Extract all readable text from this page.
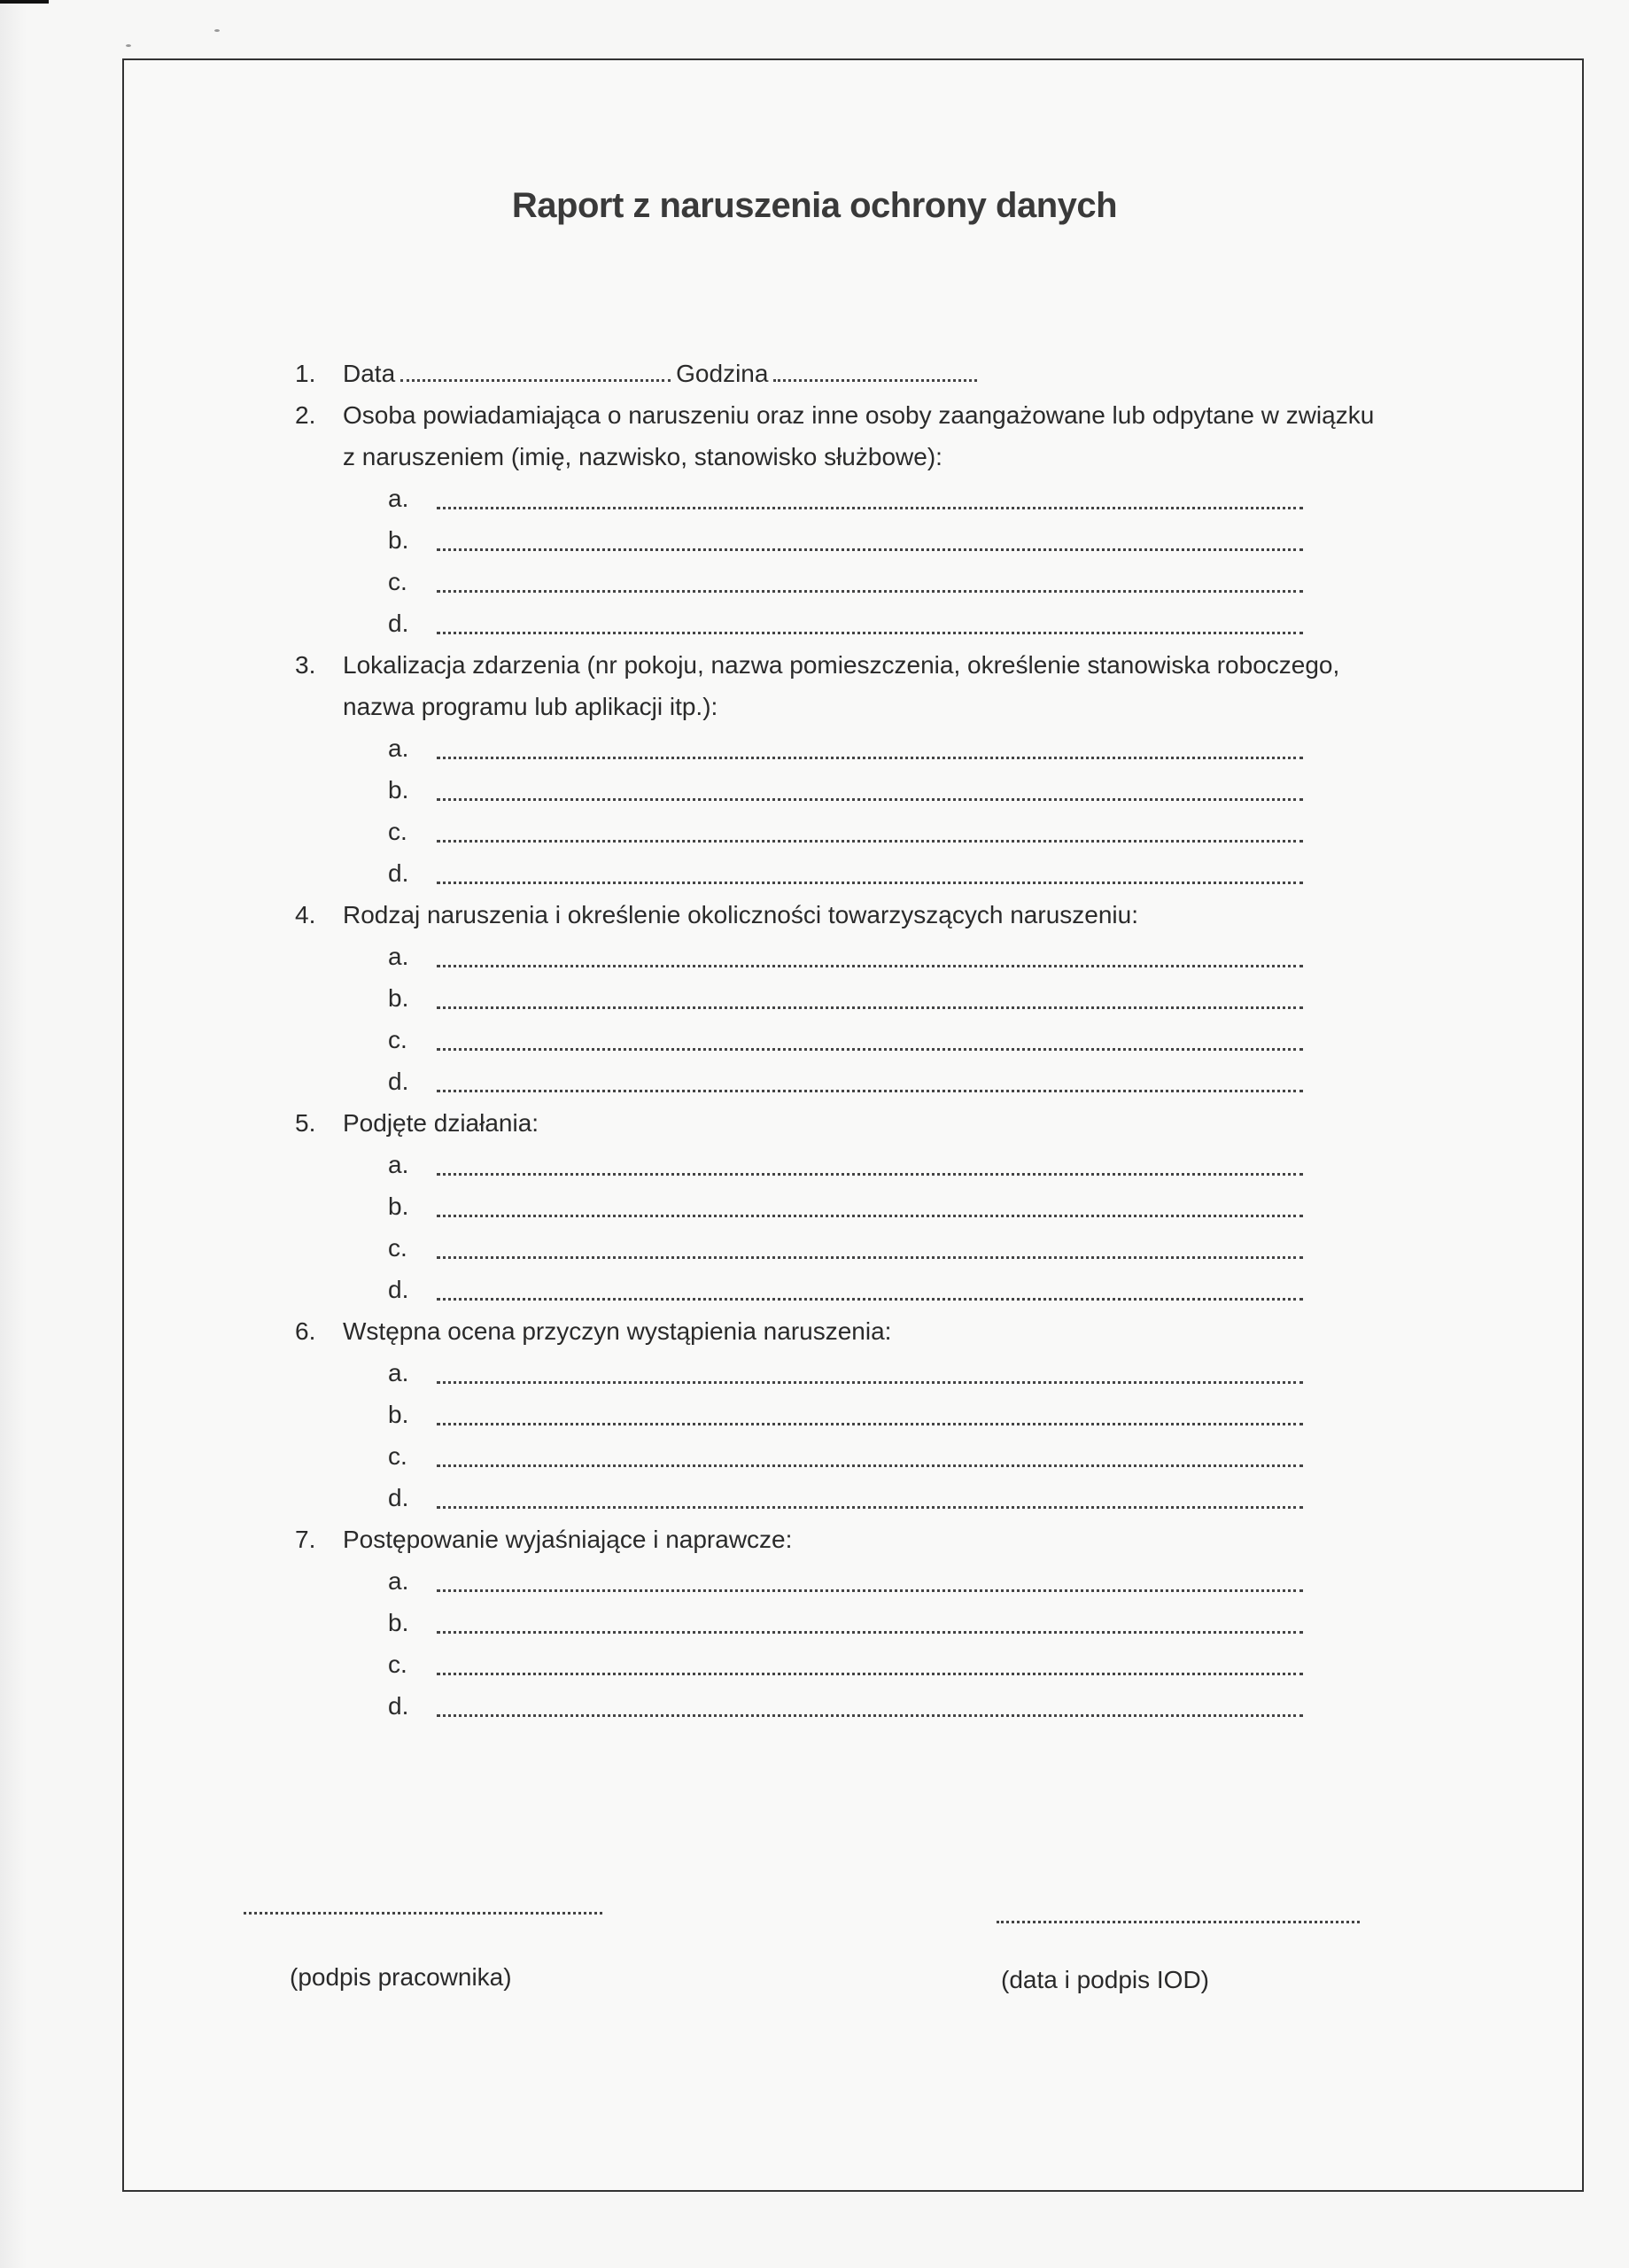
Raport z naruszenia ochrony danych
1. Data	Godzina
2. Osoba powiadamiająca o naruszeniu oraz inne osoby zaangażowane lub odpytane w związku
z naruszeniem (imię, nazwisko, stanowisko służbowe):
a.
b.
c.
d.
3. Lokalizacja zdarzenia (nr pokoju, nazwa pomieszczenia, określenie stanowiska roboczego,
nazwa programu lub aplikacji itp.):
a.
b.
c.
d.
4. Rodzaj naruszenia i określenie okoliczności towarzyszących naruszeniu:
a.
b.
c.
d.
5. Podjęte działania:
a.
b.
c.
d.
6. Wstępna ocena przyczyn wystąpienia naruszenia:
a.
b.
c.
d.
7. Postępowanie wyjaśniające i naprawcze:
a.
b.
c.
d.
(podpis pracownika)	(data i podpis IOD)
